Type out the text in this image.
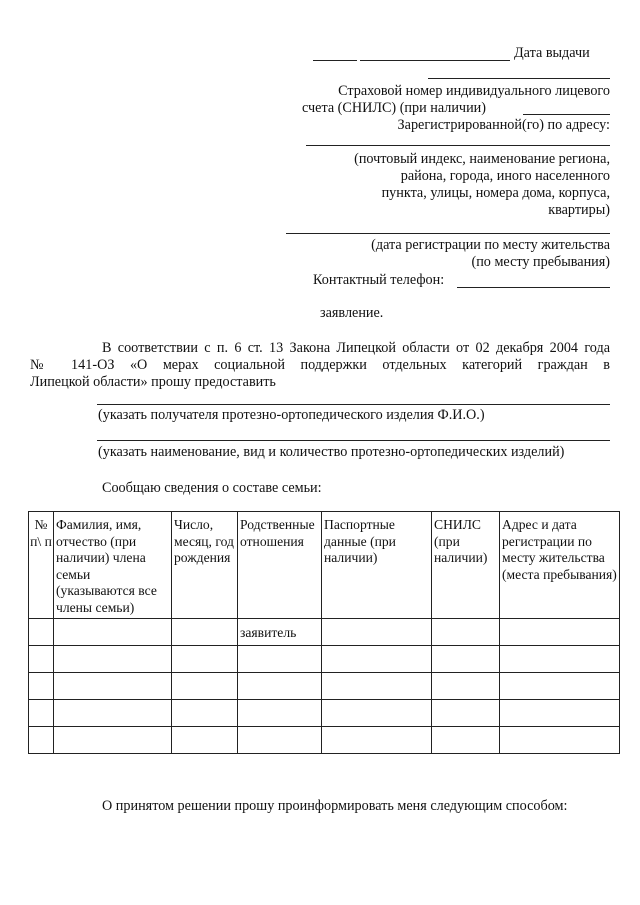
Дата выдачи
Страховой номер индивидуального лицевого
счета (СНИЛС) (при наличии)
Зарегистрированной(го) по адресу:
(почтовый индекс, наименование региона,
района, города, иного населенного
пункта, улицы, номера дома, корпуса,
квартиры)
(дата регистрации по месту жительства
(по месту пребывания)
Контактный телефон:
заявление.
В соответствии с п. 6 ст. 13 Закона Липецкой области от 02 декабря 2004 года
№ 141-ОЗ «О мерах социальной поддержки отдельных категорий граждан в
Липецкой области» прошу предоставить
(указать получателя протезно-ортопедического изделия Ф.И.О.)
(указать наименование, вид и количество протезно-ортопедических изделий)
Сообщаю сведения о составе семьи:
№ п\ п	Фамилия, имя, отчество (при наличии) члена семьи (указываются все члены семьи)	Число, месяц, год рождения	Родственные отношения	Паспортные данные (при наличии)	СНИЛС (при наличии)	Адрес и дата регистрации по месту жительства (места пребывания)

			заявитель			

О принятом решении прошу проинформировать меня следующим способом:
